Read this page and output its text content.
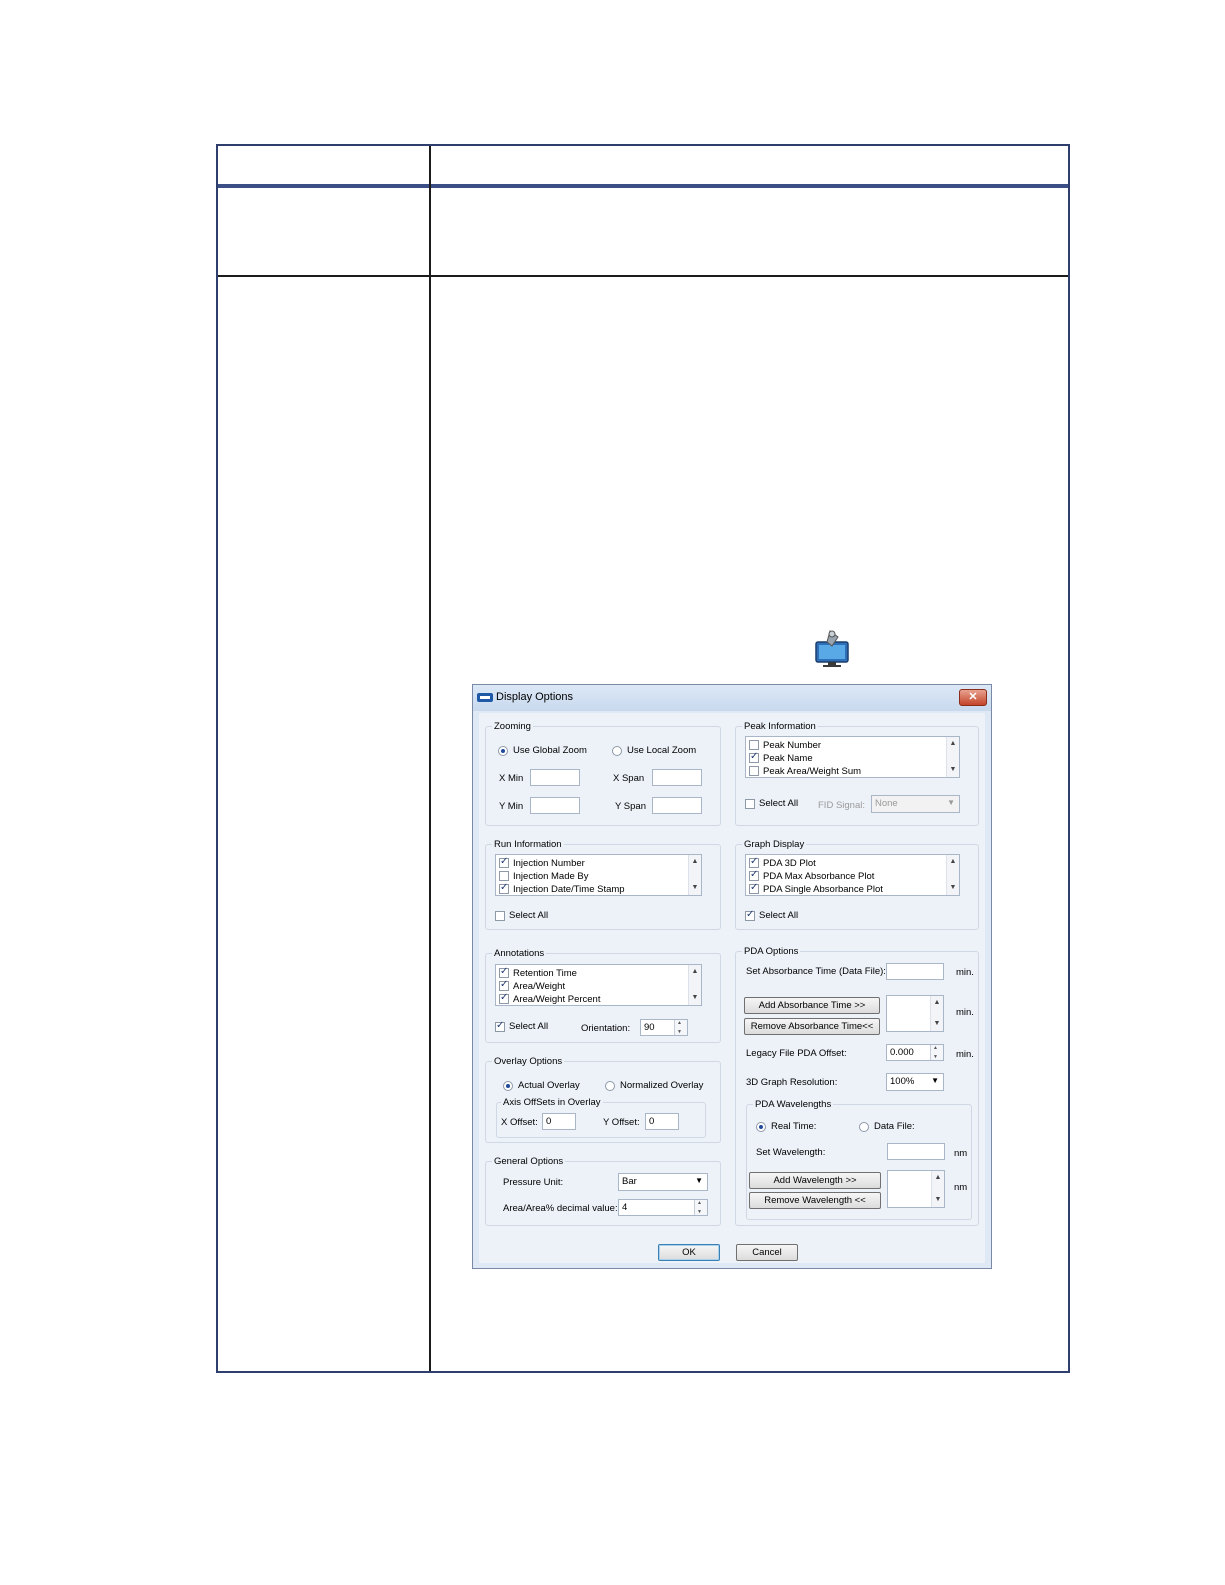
Display Options	✕
Zooming
Use Global Zoom	Use Local Zoom
X Min	X Span
Y Min	Y Span
Peak Information
Peak Number
✓
Peak Name
Peak Area/Weight Sum
▲
▼
Select All FID Signal:	None	▼
Run Information
✓
Injection Number
Injection Made By
✓
Injection Date/Time Stamp
▲
▼
Select All
Graph Display
✓
PDA 3D Plot
✓
PDA Max Absorbance Plot
✓
PDA Single Absorbance Plot
▲
▼
✓
Select All
Annotations
✓
Retention Time
✓
Area/Weight
✓
Area/Weight Percent
▲
▼
✓
Select All	Orientation:	90
▲ ▼
Overlay Options
Actual Overlay	Normalized Overlay
Axis OffSets in Overlay
X Offset: 0	Y Offset: 0
General Options
Pressure Unit:	Bar	▼
Area/Area% decimal value: 4
▲ ▼
PDA Options
Set Absorbance Time (Data File):	min.
Add Absorbance Time >>
Remove Absorbance Time<<
▲
▼
min.
Legacy File PDA Offset:	0.000
▲ ▼	min.
3D Graph Resolution:	100% ▼
PDA Wavelengths
Real Time:	Data File:
Set Wavelength:	nm
Add Wavelength >>
Remove Wavelength <<
▲
▼
nm
OK	Cancel
